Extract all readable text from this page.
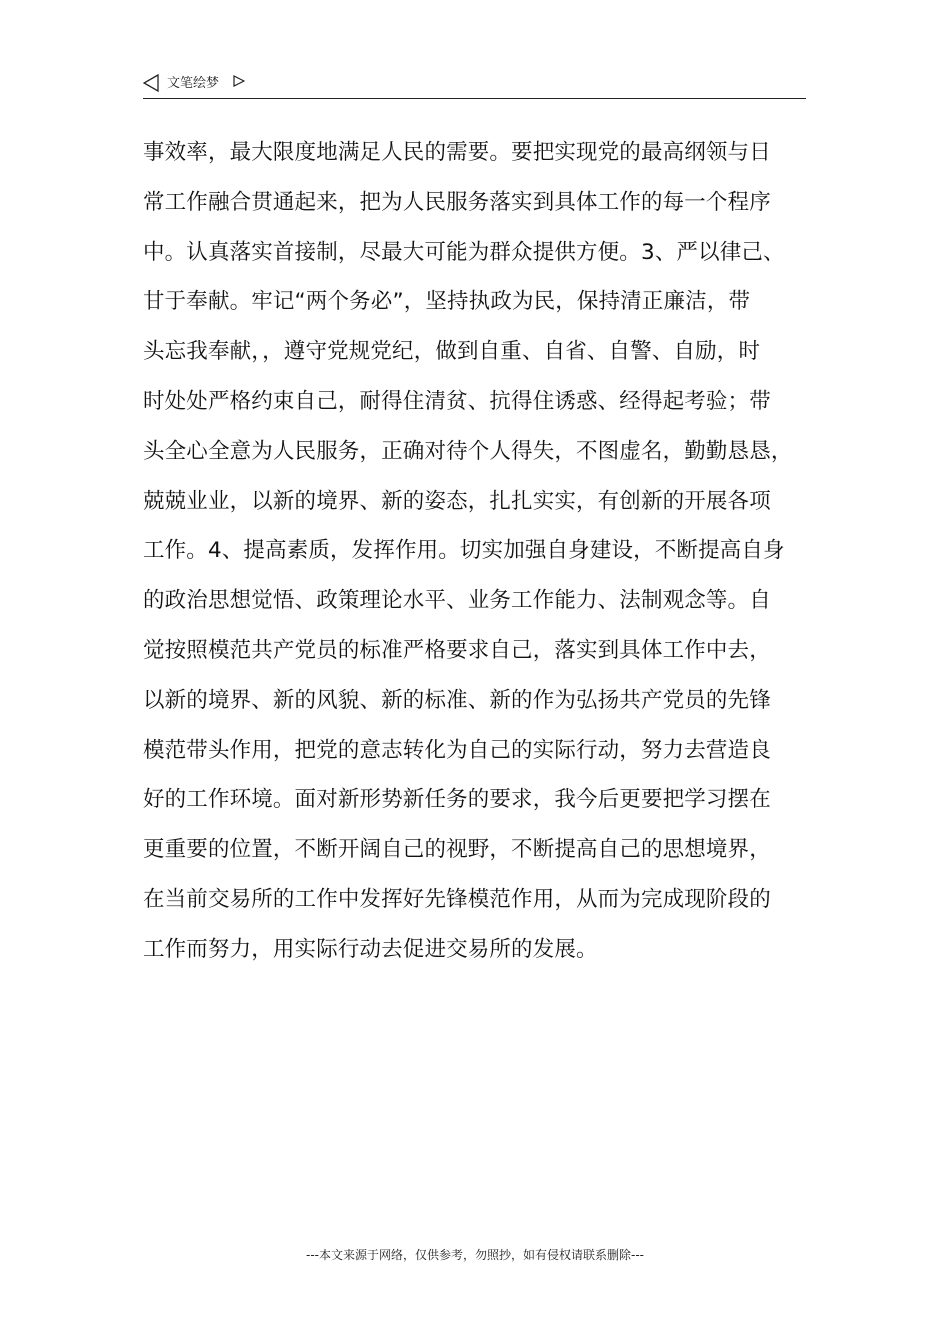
文笔绘梦
事效率，最大限度地满足人民的需要。要把实现党的最高纲领与日
常工作融合贯通起来，把为人民服务落实到具体工作的每一个程序
中。认真落实首接制，尽最大可能为群众提供方便。3、严以律己、
甘于奉献。牢记“两个务必”，坚持执政为民，保持清正廉洁，带
头忘我奉献，，遵守党规党纪，做到自重、自省、自警、自励，时
时处处严格约束自己，耐得住清贫、抗得住诱惑、经得起考验；带
头全心全意为人民服务，正确对待个人得失，不图虚名，勤勤恳恳，
兢兢业业，以新的境界、新的姿态，扎扎实实，有创新的开展各项
工作。4、提高素质，发挥作用。切实加强自身建设，不断提高自身
的政治思想觉悟、政策理论水平、业务工作能力、法制观念等。自
觉按照模范共产党员的标准严格要求自己，落实到具体工作中去，
以新的境界、新的风貌、新的标准、新的作为弘扬共产党员的先锋
模范带头作用，把党的意志转化为自己的实际行动，努力去营造良
好的工作环境。面对新形势新任务的要求，我今后更要把学习摆在
更重要的位置，不断开阔自己的视野，不断提高自己的思想境界，
在当前交易所的工作中发挥好先锋模范作用，从而为完成现阶段的
工作而努力，用实际行动去促进交易所的发展。
---本文来源于网络，仅供参考，勿照抄，如有侵权请联系删除---
